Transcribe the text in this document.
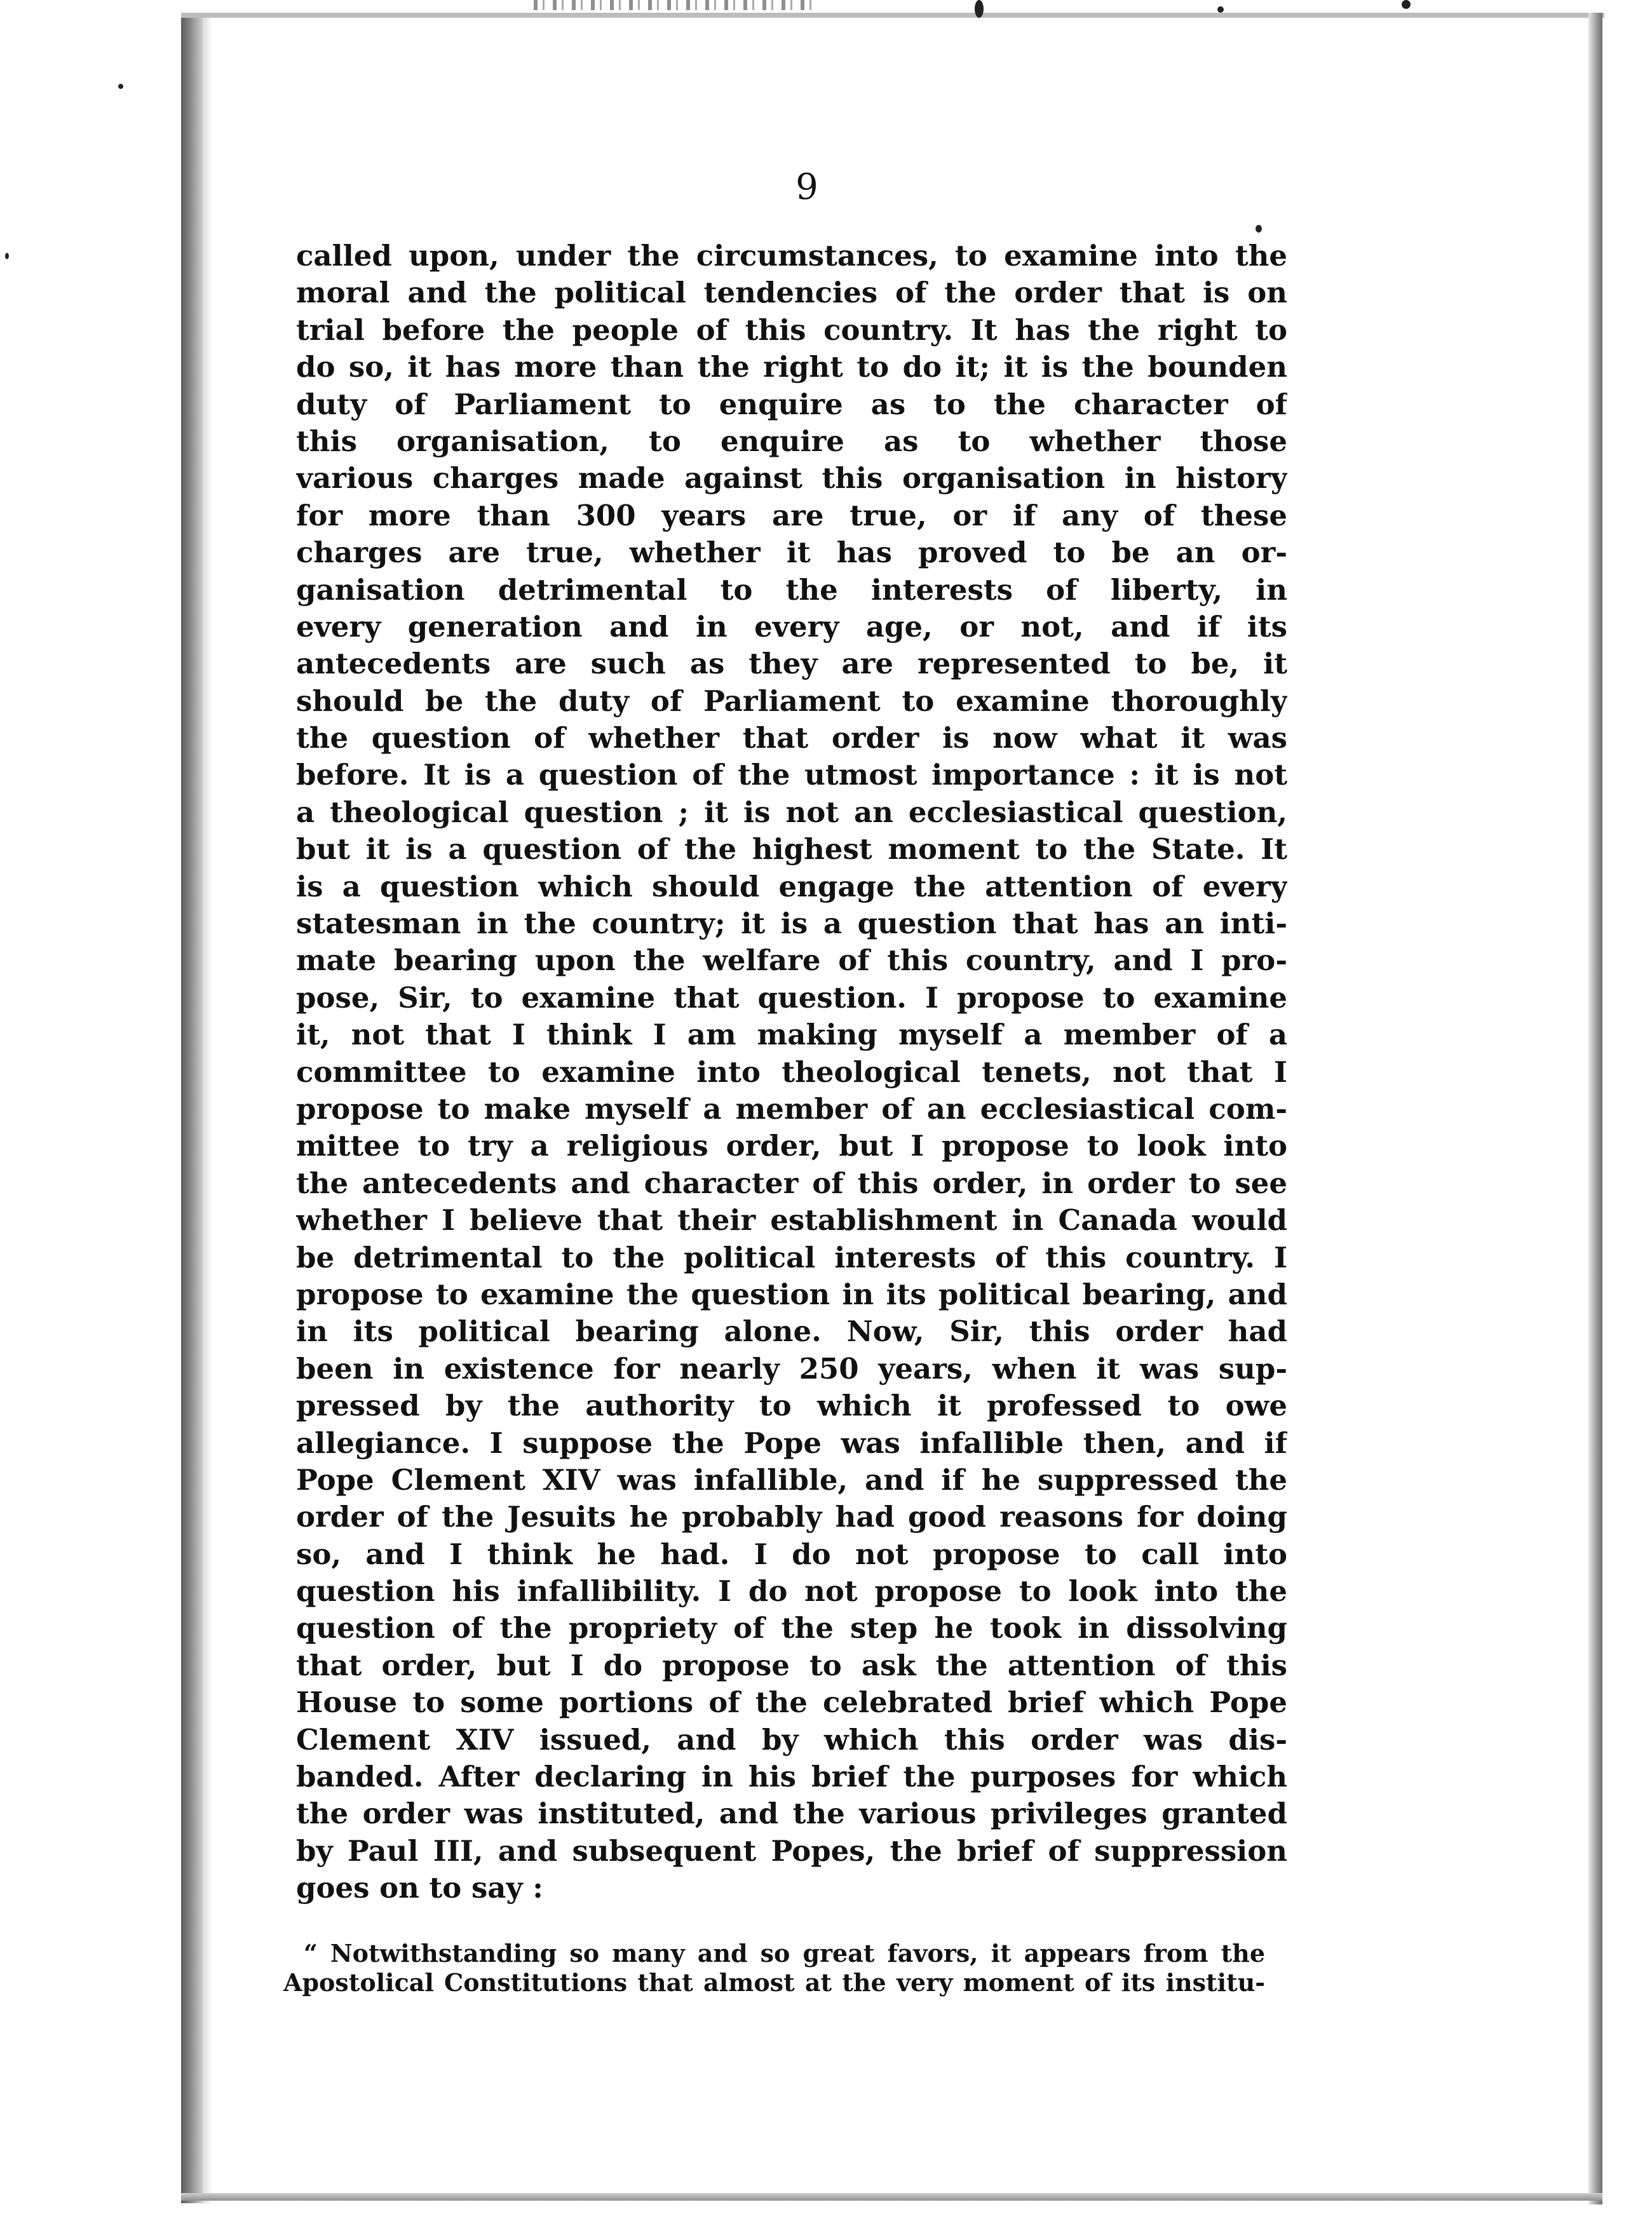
9
called upon, under the circumstances, to examine into the
moral and the political tendencies of the order that is on
trial before the people of this country. It has the right to
do so, it has more than the right to do it; it is the bounden
duty of Parliament to enquire as to the character of
this organisation, to enquire as to whether those
various charges made against this organisation in history
for more than 300 years are true, or if any of these
charges are true, whether it has proved to be an or-
ganisation detrimental to the interests of liberty, in
every generation and in every age, or not, and if its
antecedents are such as they are represented to be, it
should be the duty of Parliament to examine thoroughly
the question of whether that order is now what it was
before. It is a question of the utmost importance : it is not
a theological question ; it is not an ecclesiastical question,
but it is a question of the highest moment to the State. It
is a question which should engage the attention of every
statesman in the country; it is a question that has an inti-
mate bearing upon the welfare of this country, and I pro-
pose, Sir, to examine that question. I propose to examine
it, not that I think I am making myself a member of a
committee to examine into theological tenets, not that I
propose to make myself a member of an ecclesiastical com-
mittee to try a religious order, but I propose to look into
the antecedents and character of this order, in order to see
whether I believe that their establishment in Canada would
be detrimental to the political interests of this country. I
propose to examine the question in its political bearing, and
in its political bearing alone. Now, Sir, this order had
been in existence for nearly 250 years, when it was sup-
pressed by the authority to which it professed to owe
allegiance. I suppose the Pope was infallible then, and if
Pope Clement XIV was infallible, and if he suppressed the
order of the Jesuits he probably had good reasons for doing
so, and I think he had. I do not propose to call into
question his infallibility. I do not propose to look into the
question of the propriety of the step he took in dissolving
that order, but I do propose to ask the attention of this
House to some portions of the celebrated brief which Pope
Clement XIV issued, and by which this order was dis-
banded. After declaring in his brief the purposes for which
the order was instituted, and the various privileges granted
by Paul III, and subsequent Popes, the brief of suppression
goes on to say :
“ Notwithstanding so many and so great favors, it appears from the
Apostolical Constitutions that almost at the very moment of its institu-
